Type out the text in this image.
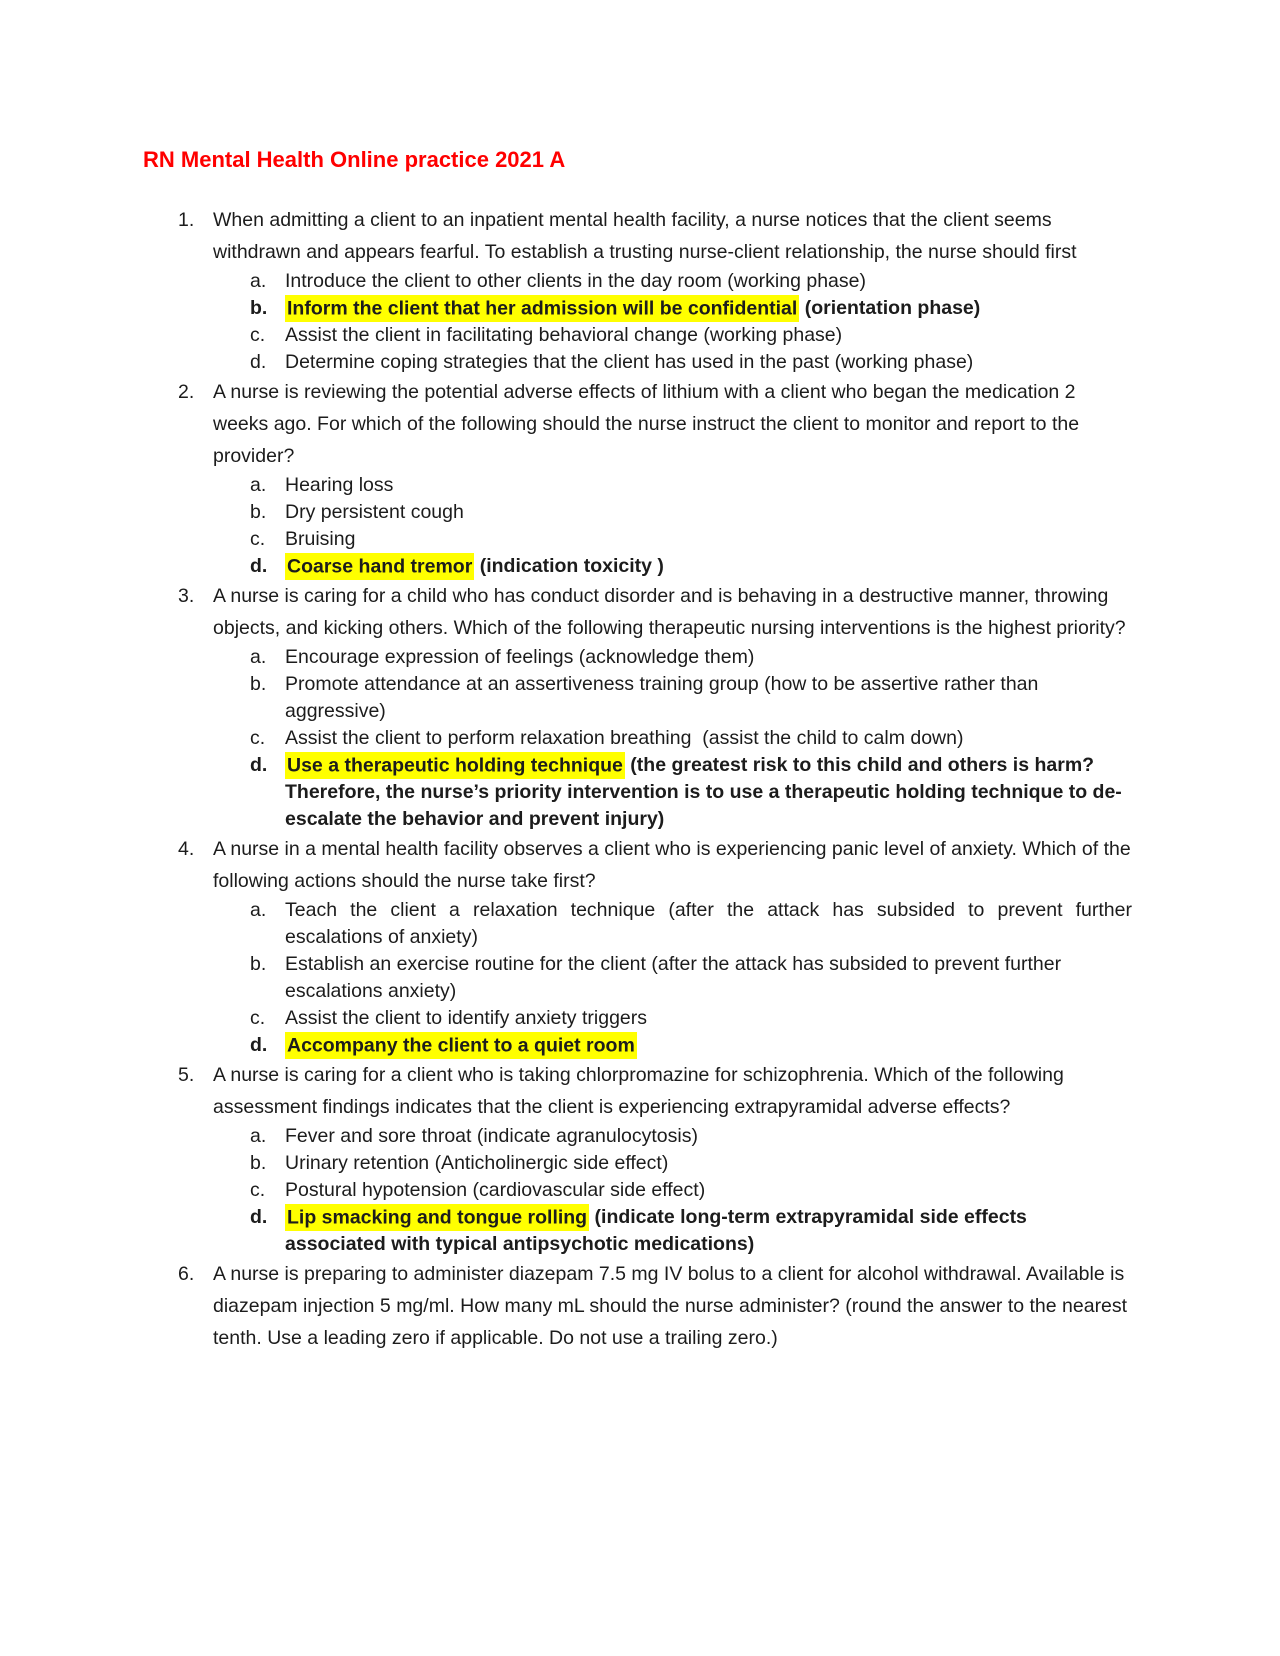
RN Mental Health Online practice 2021 A
1. When admitting a client to an inpatient mental health facility, a nurse notices that the client seems withdrawn and appears fearful. To establish a trusting nurse-client relationship, the nurse should first
a. Introduce the client to other clients in the day room (working phase)
b.	Inform the client that her admission will be confidential (orientation phase)
c.	Assist the client in facilitating behavioral change (working phase)
d. Determine coping strategies that the client has used in the past (working phase)
2. A nurse is reviewing the potential adverse effects of lithium with a client who began the medication 2 weeks ago. For which of the following should the nurse instruct the client to monitor and report to the provider?
a. Hearing loss
b. Dry persistent cough
c.	Bruising
d.	Coarse hand tremor (indication toxicity )
3. A nurse is caring for a child who has conduct disorder and is behaving in a destructive manner, throwing objects, and kicking others. Which of the following therapeutic nursing interventions is the highest priority?
a. Encourage expression of feelings (acknowledge them)
b. Promote attendance at an assertiveness training group (how to be assertive rather than aggressive)
c.	Assist the client to perform relaxation breathing  (assist the child to calm down)
d.	Use a therapeutic holding technique (the greatest risk to this child and others is harm? Therefore, the nurse’s priority intervention is to use a therapeutic holding technique to de-escalate the behavior and prevent injury)
4. A nurse in a mental health facility observes a client who is experiencing panic level of anxiety. Which of the following actions should the nurse take first?
a. Teach the client a relaxation technique (after the attack has subsided to prevent further escalations of anxiety)
b. Establish an exercise routine for the client (after the attack has subsided to prevent further escalations anxiety)
c.	Assist the client to identify anxiety triggers
d.	Accompany the client to a quiet room
5. A nurse is caring for a client who is taking chlorpromazine for schizophrenia. Which of the following assessment findings indicates that the client is experiencing extrapyramidal adverse effects?
a. Fever and sore throat (indicate agranulocytosis)
b. Urinary retention (Anticholinergic side effect)
c.	Postural hypotension (cardiovascular side effect)
d.	Lip smacking and tongue rolling (indicate long-term extrapyramidal side effects associated with typical antipsychotic medications)
6. A nurse is preparing to administer diazepam 7.5 mg IV bolus to a client for alcohol withdrawal. Available is diazepam injection 5 mg/ml. How many mL should the nurse administer? (round the answer to the nearest tenth. Use a leading zero if applicable. Do not use a trailing zero.)
